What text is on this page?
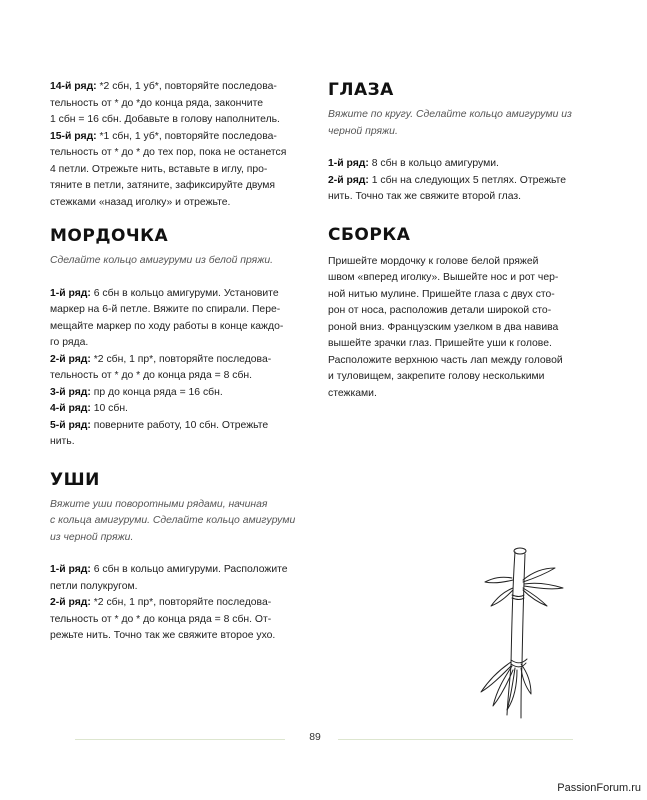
14-й ряд: *2 сбн, 1 уб*, повторяйте последова-

тельность от * до *до конца ряда, закончите

1 сбн = 16 сбн. Добавьте в голову наполнитель.

15-й ряд: *1 сбн, 1 уб*, повторяйте последова-

тельность от * до * до тех пор, пока не останется

4 петли. Отрежьте нить, вставьте в иглу, про-

тяните в петли, затяните, зафиксируйте двумя

стежками «назад иголку» и отрежьте.

МОРДОЧКА

Сделайте кольцо амигуруми из белой пряжи.

1-й ряд: 6 сбн в кольцо амигуруми. Установите

маркер на 6-й петле. Вяжите по спирали. Пере-

мещайте маркер по ходу работы в конце каждо-

го ряда.

2-й ряд: *2 сбн, 1 пр*, повторяйте последова-

тельность от * до * до конца ряда = 8 сбн.

3-й ряд: пр до конца ряда = 16 сбн.

4-й ряд: 10 сбн.

5-й ряд: поверните работу, 10 сбн. Отрежьте

нить.

УШИ

Вяжите уши поворотными рядами, начиная

с кольца амигуруми. Сделайте кольцо амигуруми

из черной пряжи.

1-й ряд: 6 сбн в кольцо амигуруми. Расположите

петли полукругом.

2-й ряд: *2 сбн, 1 пр*, повторяйте последова-

тельность от * до * до конца ряда = 8 сбн. От-

режьте нить. Точно так же свяжите второе ухо.

ГЛАЗА

Вяжите по кругу. Сделайте кольцо амигуруми из

черной пряжи.

1-й ряд: 8 сбн в кольцо амигуруми.

2-й ряд: 1 сбн на следующих 5 петлях. Отрежьте

нить. Точно так же свяжите второй глаз.

СБОРКА

Пришейте мордочку к голове белой пряжей

швом «вперед иголку». Вышейте нос и рот чер-

ной нитью мулине. Пришейте глаза с двух сто-

рон от носа, расположив детали широкой сто-

роной вниз. Французским узелком в два навива

вышейте зрачки глаз. Пришейте уши к голове.

Расположите верхнюю часть лап между головой

и туловищем, закрепите голову несколькими

стежками.

89
PassionForum.ru
